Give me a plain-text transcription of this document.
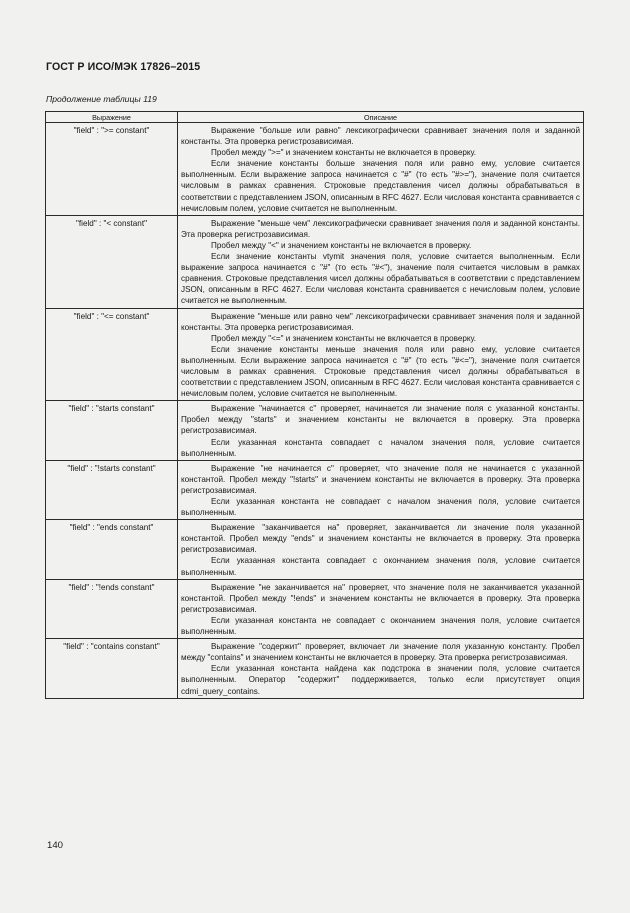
ГОСТ Р ИСО/МЭК 17826–2015
Продолжение таблицы 119
Выражение	Описание
"field" : ">= constant"	Выражение "больше или равно" лексикографически сравнивает значения поля и заданной константы. Эта проверка регистрозависимая.

Пробел между ">=" и значением константы не включается в проверку.

Если значение константы больше значения поля или равно ему, условие считается выполненным. Если выражение запроса начинается с "#" (то есть "#>="), значение поля считается числовым в рамках сравнения. Строковые представления чисел должны обрабатываться в соответствии с представлением JSON, описанным в RFC 4627. Если числовая константа сравнивается с нечисловым полем, условие считается не выполненным.

"field" : "< constant"	Выражение "меньше чем" лексикографически сравнивает значения поля и заданной константы. Эта проверка регистрозависимая.

Пробел между "<" и значением константы не включается в проверку.

Если значение константы vtymit значения поля, условие считается выполненным. Если выражение запроса начинается с "#" (то есть "#<"), значение поля считается числовым в рамках сравнения. Строковые представления чисел должны обрабатываться в соответствии с представлением JSON, описанным в RFC 4627. Если числовая константа сравнивается с нечисловым полем, условие считается не выполненным.

"field" : "<= constant"	Выражение "меньше или равно чем" лексикографически сравнивает значения поля и заданной константы. Эта проверка регистрозависимая.

Пробел между "<=" и значением константы не включается в проверку.

Если значение константы меньше значения поля или равно ему, условие считается выполненным. Если выражение запроса начинается с "#" (то есть "#<="), значение поля считается числовым в рамках сравнения. Строковые представления чисел должны обрабатываться в соответствии с представлением JSON, описанным в RFC 4627. Если числовая константа сравнивается с нечисловым полем, условие считается не выполненным.

"field" : "starts constant"	Выражение "начинается с" проверяет, начинается ли значение поля с указанной константы. Пробел между "starts" и значением константы не включается в проверку. Эта проверка регистрозависимая.

Если указанная константа совпадает с началом значения поля, условие считается выполненным.

"field" : "!starts constant"	Выражение "не начинается с" проверяет, что значение поля не начинается с указанной константой. Пробел между "!starts" и значением константы не включается в проверку. Эта проверка регистрозависимая.

Если указанная константа не совпадает с началом значения поля, условие считается выполненным.

"field" : "ends constant"	Выражение "заканчивается на" проверяет, заканчивается ли значение поля указанной константой. Пробел между "ends" и значением константы не включается в проверку. Эта проверка регистрозависимая.

Если указанная константа совпадает с окончанием значения поля, условие считается выполненным.

"field" : "!ends constant"	Выражение "не заканчивается на" проверяет, что значение поля не заканчивается указанной константой. Пробел между "!ends" и значением константы не включается в проверку. Эта проверка регистрозависимая.

Если указанная константа не совпадает с окончанием значения поля, условие считается выполненным.

"field" : "contains constant"	Выражение "содержит" проверяет, включает ли значение поля указанную константу. Пробел между "contains" и значением константы не включается в проверку. Эта проверка регистрозависимая.

Если указанная константа найдена как подстрока в значении поля, условие считается выполненным. Оператор "содержит" поддерживается, только если присутствует опция cdmi_query_contains.

140
